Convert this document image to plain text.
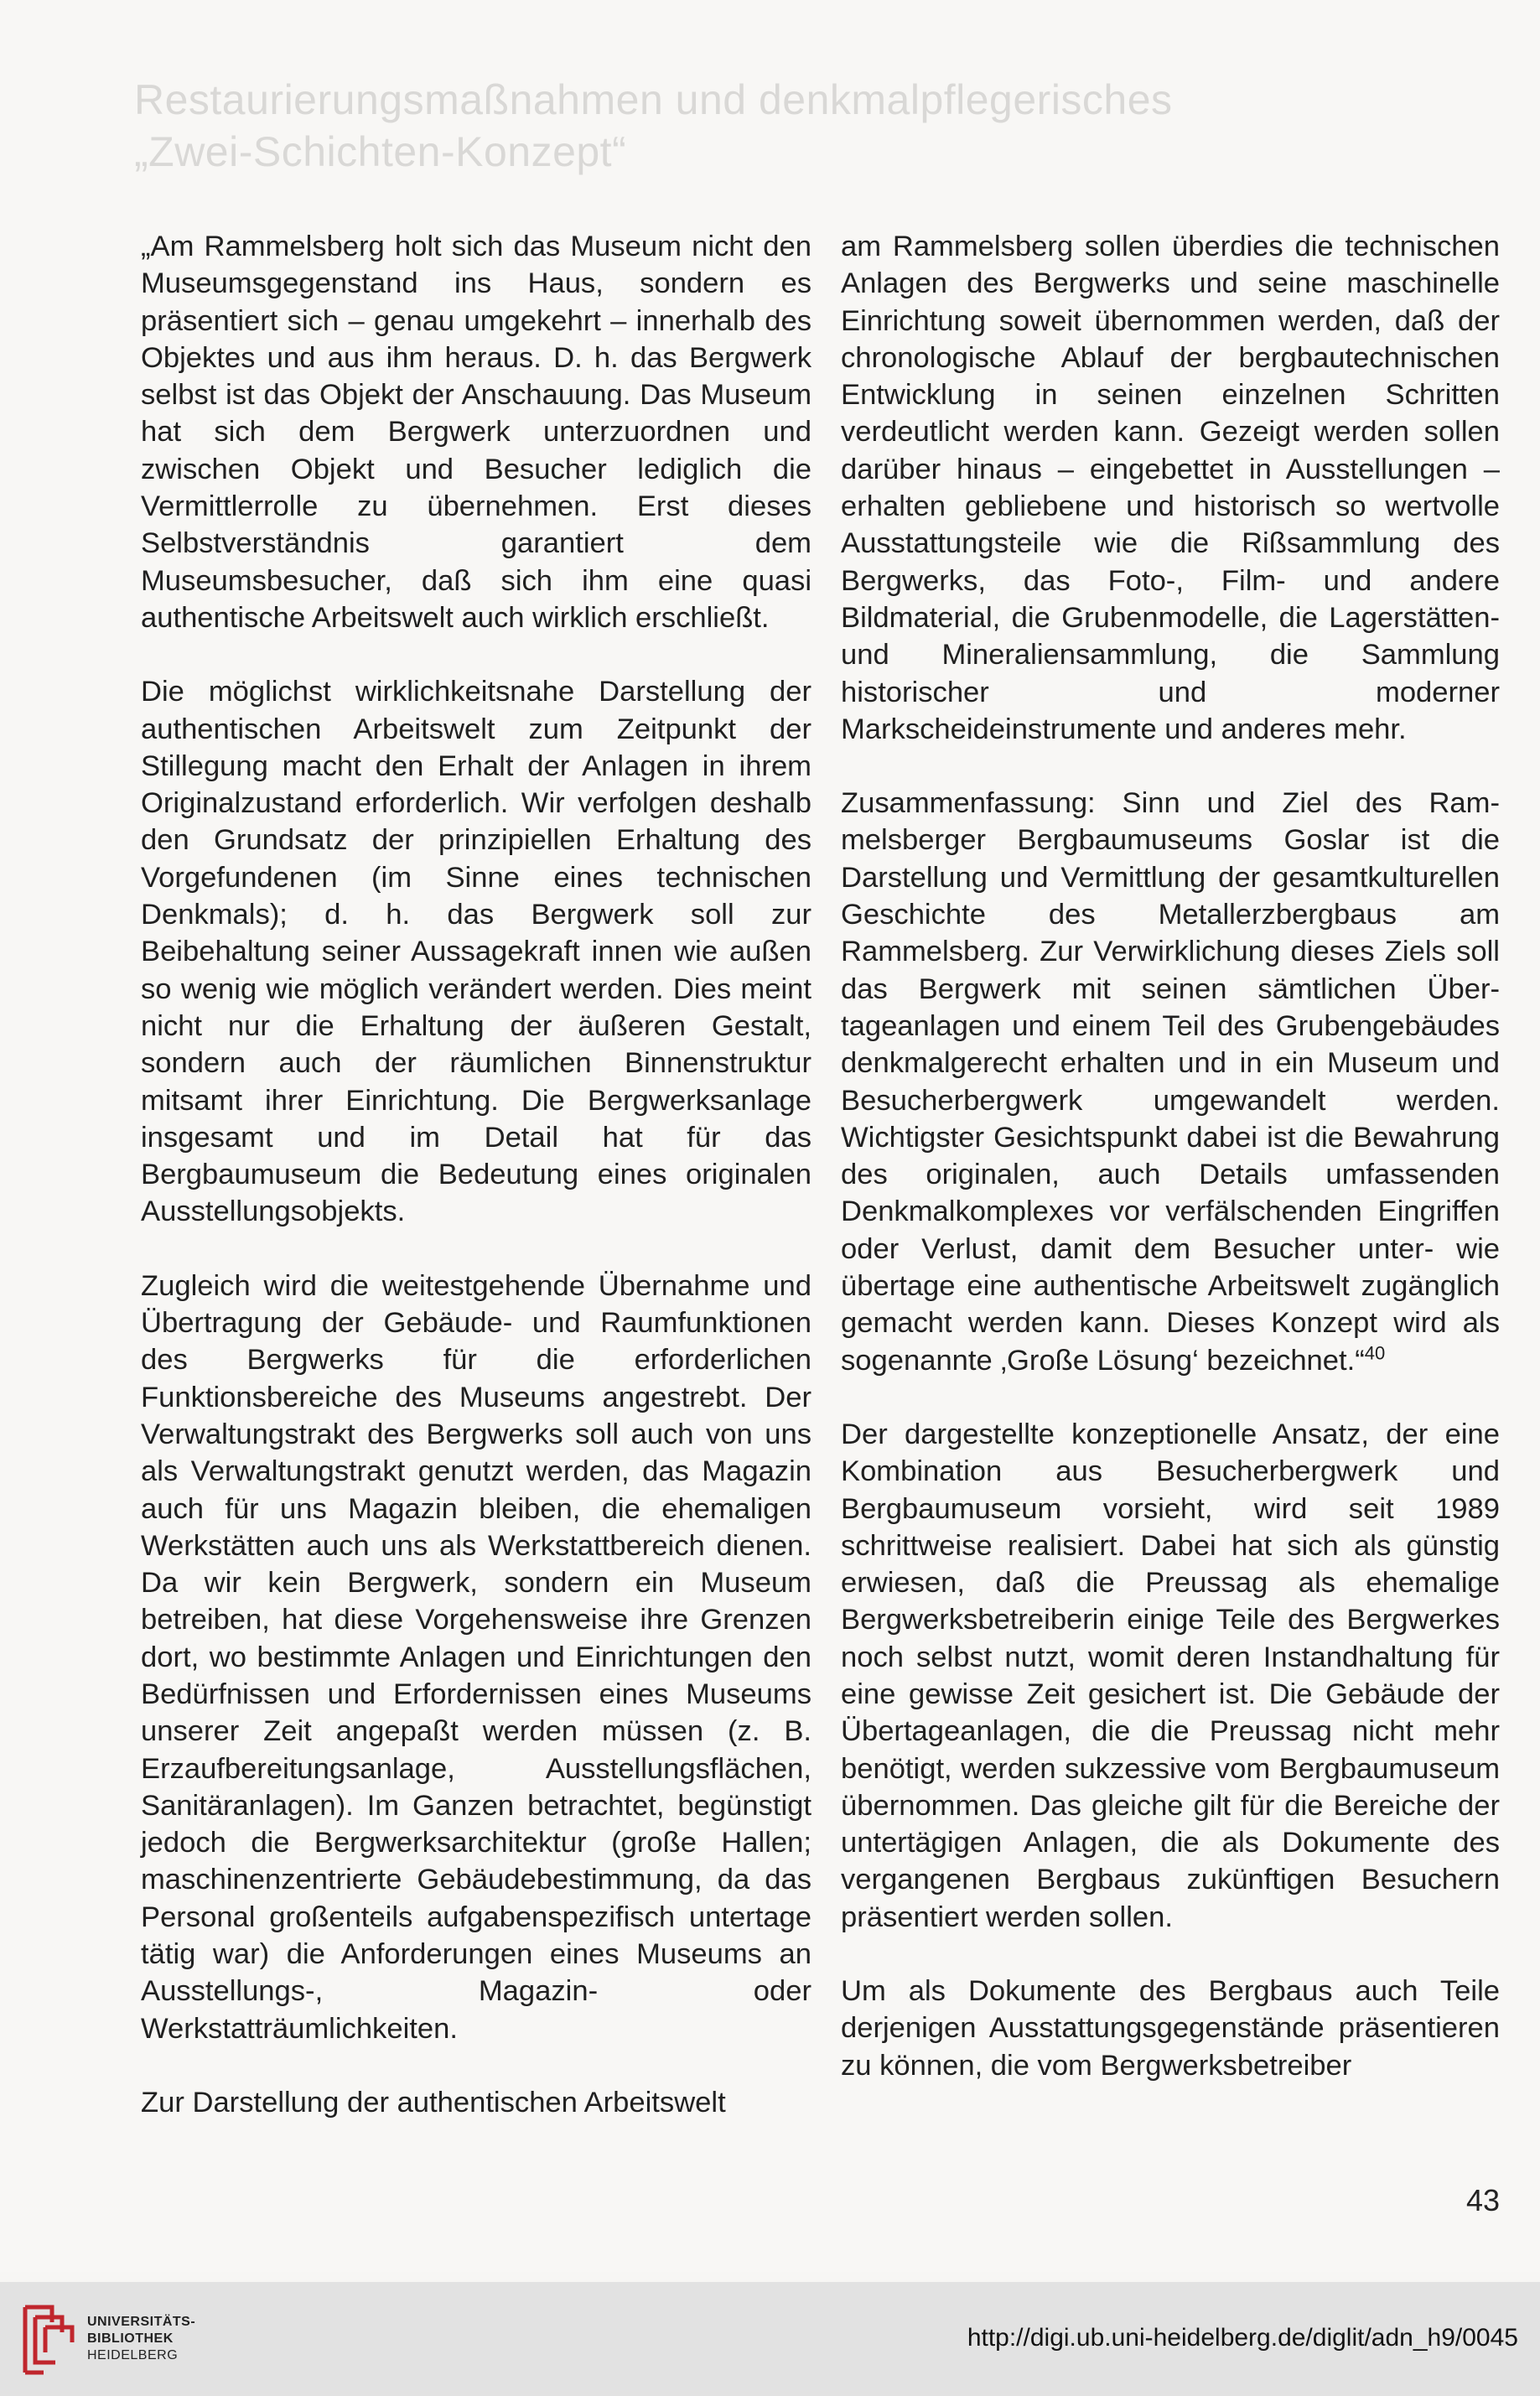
Restaurierungsmaßnahmen und denkmalpflegerisches „Zwei-Schichten-Konzept“

„Am Rammelsberg holt sich das Museum nicht den Museumsgegenstand ins Haus, sondern es präsentiert sich – genau umgekehrt – innerhalb des Objektes und aus ihm heraus. D. h. das Bergwerk selbst ist das Objekt der Anschauung. Das Museum hat sich dem Bergwerk unterzuordnen und zwischen Objekt und Besucher lediglich die Vermittlerrolle zu übernehmen. Erst dieses Selbstverständnis garantiert dem Museumsbesucher, daß sich ihm eine quasi authentische Arbeitswelt auch wirklich erschließt.

Die möglichst wirklichkeitsnahe Darstellung der authentischen Arbeitswelt zum Zeitpunkt der Stillegung macht den Erhalt der Anlagen in ihrem Originalzustand erforderlich. Wir verfolgen deshalb den Grundsatz der prinzipiellen Erhaltung des Vorgefundenen (im Sinne eines technischen Denkmals); d. h. das Bergwerk soll zur Beibehaltung seiner Aussagekraft innen wie außen so wenig wie möglich verändert werden. Dies meint nicht nur die Erhaltung der äußeren Gestalt, sondern auch der räumlichen Binnenstruktur mitsamt ihrer Einrichtung. Die Bergwerksanlage insgesamt und im Detail hat für das Bergbaumuseum die Bedeutung eines originalen Ausstellungsobjekts.

Zugleich wird die weitestgehende Übernahme und Übertragung der Gebäude- und Raumfunktionen des Bergwerks für die erforderlichen Funktionsbereiche des Museums angestrebt. Der Verwaltungstrakt des Bergwerks soll auch von uns als Verwaltungstrakt genutzt werden, das Magazin auch für uns Magazin bleiben, die ehemaligen Werkstätten auch uns als Werkstattbereich dienen. Da wir kein Bergwerk, sondern ein Museum betreiben, hat diese Vorgehensweise ihre Grenzen dort, wo bestimmte Anlagen und Einrichtungen den Bedürfnissen und Erfordernissen eines Museums unserer Zeit angepaßt werden müssen (z. B. Erzaufbereitungsanlage, Ausstellungsflächen, Sanitäranlagen). Im Ganzen betrachtet, begünstigt jedoch die Bergwerksarchitektur (große Hallen; maschinenzentrierte Gebäudebestimmung, da das Personal großenteils aufgabenspezifisch untertage tätig war) die Anforderungen eines Museums an Ausstellungs-, Magazin- oder Werkstatträumlichkeiten.

Zur Darstellung der authentischen Arbeitswelt

am Rammelsberg sollen überdies die technischen Anlagen des Bergwerks und seine maschinelle Einrichtung soweit übernommen werden, daß der chronologische Ablauf der bergbautechnischen Entwicklung in seinen einzelnen Schritten verdeutlicht werden kann. Gezeigt werden sollen darüber hinaus – eingebettet in Ausstellungen – erhalten gebliebene und historisch so wertvolle Ausstattungsteile wie die Rißsammlung des Bergwerks, das Foto-, Film- und andere Bildmaterial, die Grubenmodelle, die Lagerstätten- und Mineraliensammlung, die Sammlung historischer und moderner Markscheideinstrumente und anderes mehr.

Zusammenfassung: Sinn und Ziel des Rammelsberger Bergbaumuseums Goslar ist die Darstellung und Vermittlung der gesamtkulturellen Geschichte des Metallerzbergbaus am Rammelsberg. Zur Verwirklichung dieses Ziels soll das Bergwerk mit seinen sämtlichen Übertageanlagen und einem Teil des Grubengebäudes denkmalgerecht erhalten und in ein Museum und Besucherbergwerk umgewandelt werden. Wichtigster Gesichtspunkt dabei ist die Bewahrung des originalen, auch Details umfassenden Denkmalkomplexes vor verfälschenden Eingriffen oder Verlust, damit dem Besucher unter- wie übertage eine authentische Arbeitswelt zugänglich gemacht werden kann. Dieses Konzept wird als sogenannte ‚Große Lösung‘ bezeichnet.“$^{40}$

Der dargestellte konzeptionelle Ansatz, der eine Kombination aus Besucherbergwerk und Bergbaumuseum vorsieht, wird seit 1989 schrittweise realisiert. Dabei hat sich als günstig erwiesen, daß die Preussag als ehemalige Bergwerksbetreiberin einige Teile des Bergwerkes noch selbst nutzt, womit deren Instandhaltung für eine gewisse Zeit gesichert ist. Die Gebäude der Übertageanlagen, die die Preussag nicht mehr benötigt, werden sukzessive vom Bergbaumuseum übernommen. Das gleiche gilt für die Bereiche der untertägigen Anlagen, die als Dokumente des vergangenen Bergbaus zukünftigen Besuchern präsentiert werden sollen.

Um als Dokumente des Bergbaus auch Teile derjenigen Ausstattungsgegenstände präsentieren zu können, die vom Bergwerksbetreiber

43
UNIVERSITÄTS-
BIBLIOTHEK
HEIDELBERG
http://digi.ub.uni-heidelberg.de/diglit/adn_h9/0045
